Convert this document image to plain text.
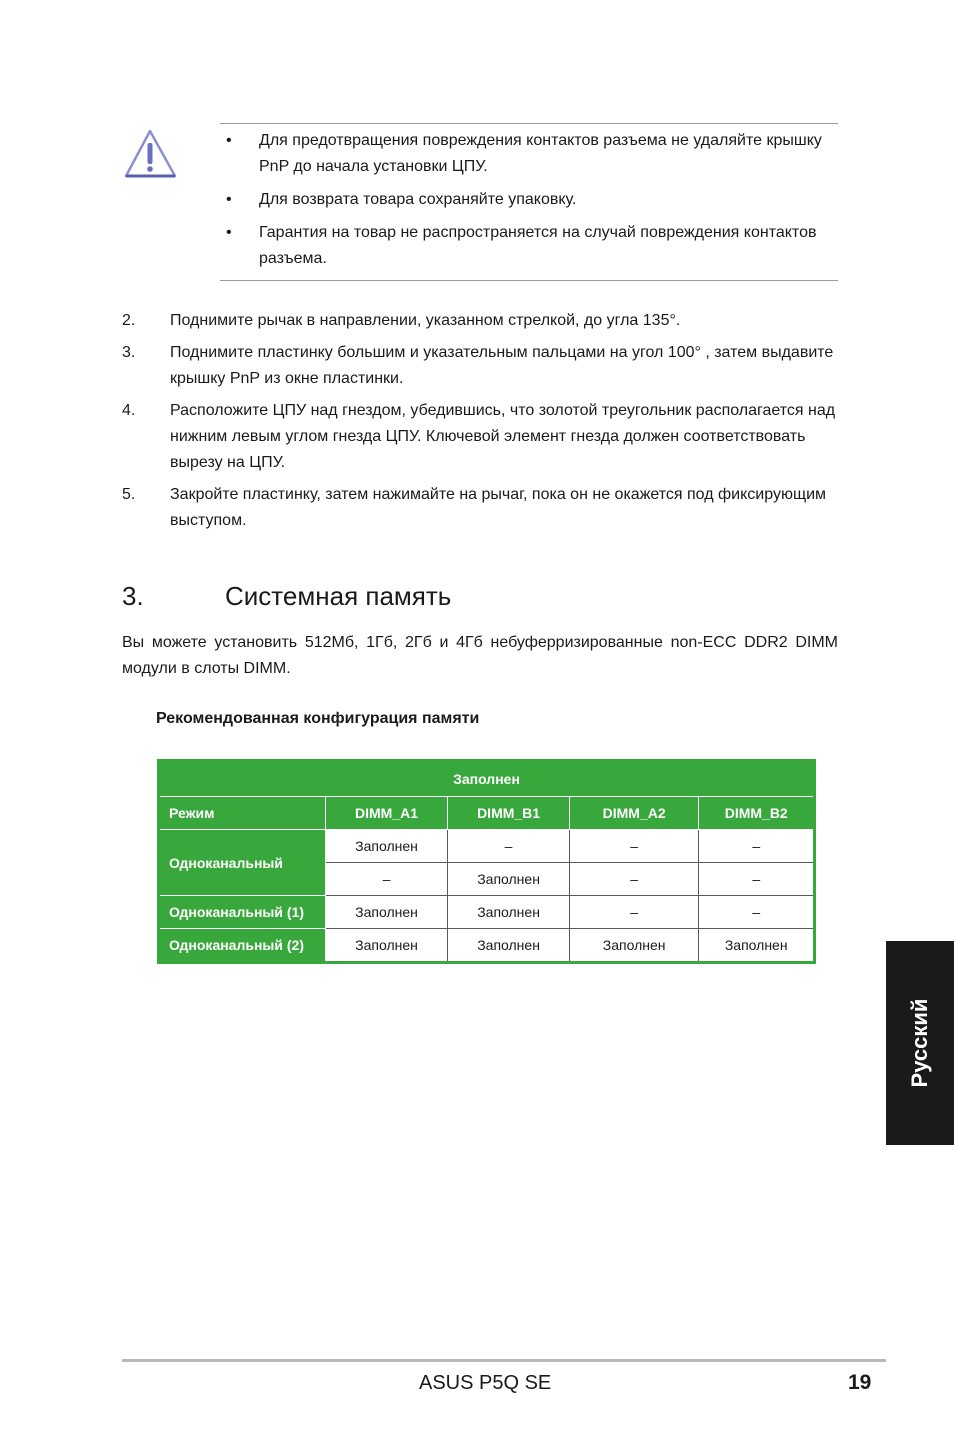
• Для предотвращения повреждения контактов разъема не удаляйте крышку PnP до начала установки ЦПУ.
• Для возврата товара сохраняйте упаковку.
• Гарантия на товар не распространяется на случай повреждения контактов разъема.
2. Поднимите рычак в направлении, указанном стрелкой, до угла 135°.
3. Поднимите пластинку большим и указательным пальцами на угол 100° , затем выдавите крышку PnP из окне пластинки.
4. Расположите ЦПУ над гнездом, убедившись, что золотой треугольник располагается над нижним левым углом гнезда ЦПУ. Ключевой элемент гнезда должен соответствовать вырезу на ЦПУ.
5. Закройте пластинку, затем нажимайте на рычаг, пока он не окажется под фиксирующим выступом.
3.	Системная память
Вы можете установить 512Мб, 1Гб, 2Гб и 4Гб небуферризированные non-ECC DDR2 DIMM модули в слоты DIMM.
Рекомендованная конфигурация памяти
Заполнен				
Режим	DIMM_A1	DIMM_B1	DIMM_A2	DIMM_B2
Одноканальный	Заполнен	–	–	–
	–	Заполнен	–	–
Одноканальный (1)	Заполнен	Заполнен	–	–
Одноканальный (2)	Заполнен	Заполнен	Заполнен	Заполнен
Русский
ASUS P5Q SE	19
